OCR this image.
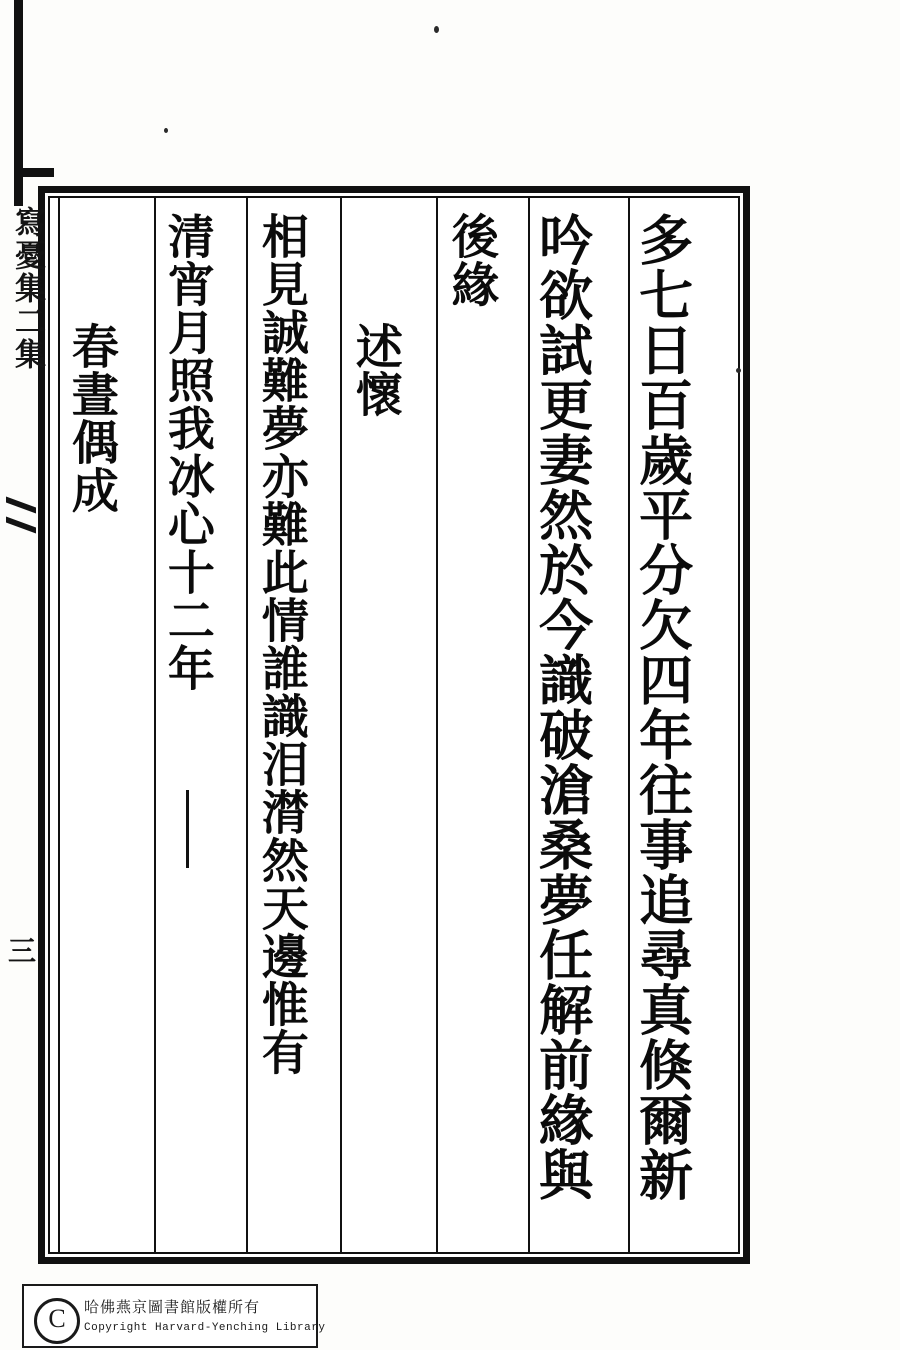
寫憂集二集
三	多七日百歲平分欠四年往事追尋真倏爾新
吟欲試更妻然於今識破滄桑夢任解前緣與
後緣
述懷
相見誠難夢亦難此情誰識泪潸然天邊惟有
清宵月照我冰心十二年
春晝偶成
C	哈佛燕京圖書館版權所有
Copyright Harvard-Yenching Library
